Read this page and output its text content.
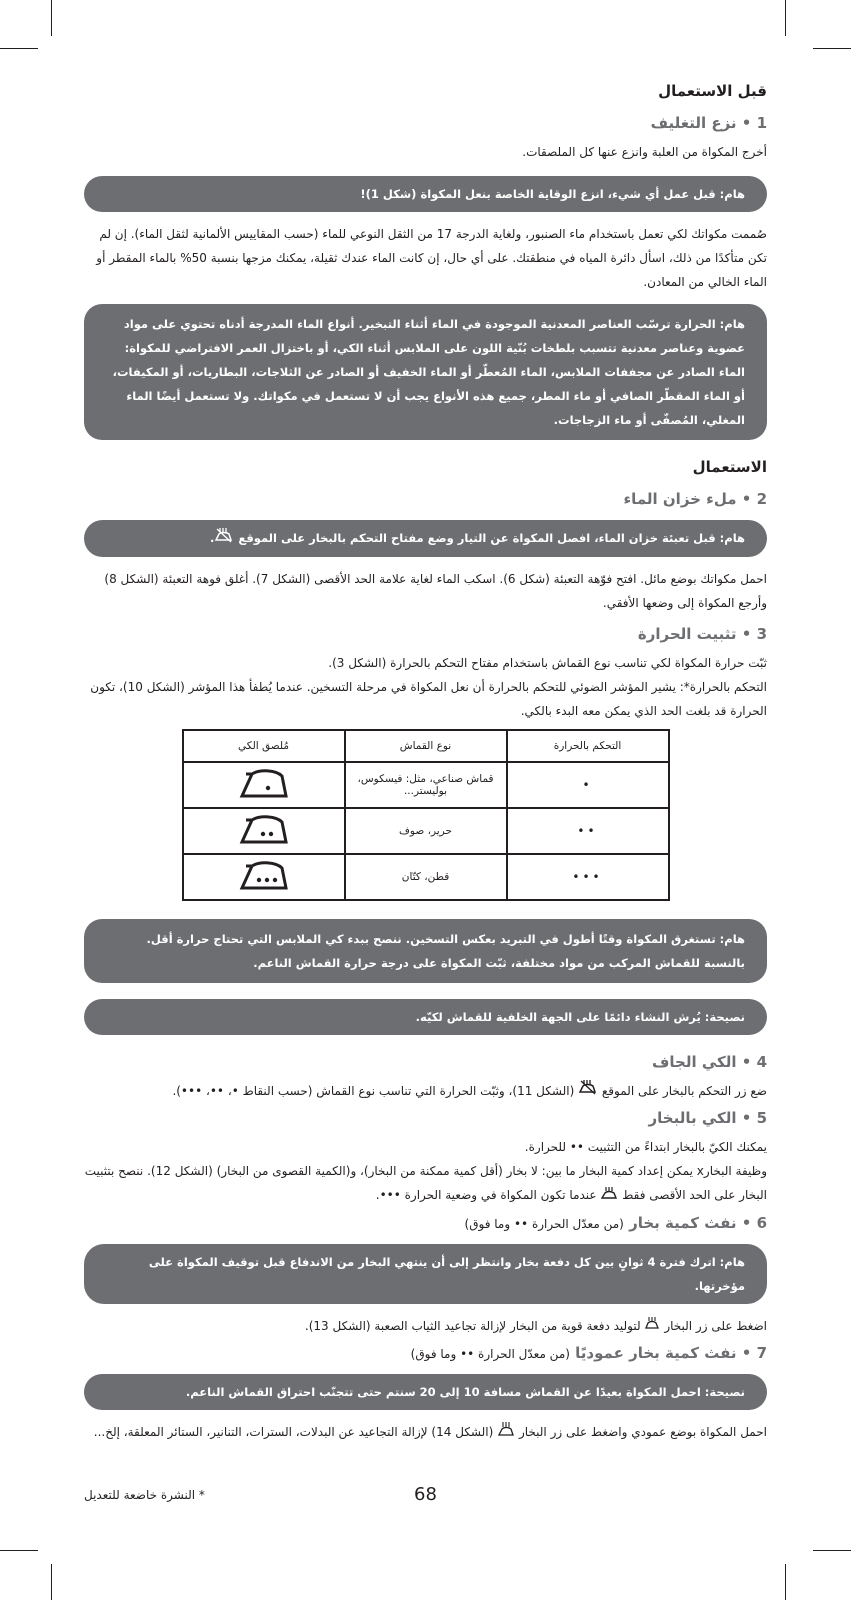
قبل الاستعمال
1 • نزع التغليف

أخرج المكواة من العلبة وانزع عنها كل الملصقات.

هام: قبل عمل أي شيء، انزع الوقاية الخاصة بنعل المكواة (شكل 1)!

صُممت مكواتك لكي تعمل باستخدام ماء الصنبور، ولغاية الدرجة 17 من الثقل النوعي للماء (حسب المقاييس الألمانية لثقل الماء). إن لم تكن متأكدًا من ذلك، اسأل دائرة المياه في منطقتك. على أي حال، إن كانت الماء عندك ثقيلة، يمكنك مزجها بنسبة 50% بالماء المقطر أو الماء الخالي من المعادن.

هام: الحرارة ترسّب العناصر المعدنية الموجودة في الماء أثناء التبخير. أنواع الماء المدرجة أدناه تحتوي على مواد عضوية وعناصر معدنية تتسبب بلطخات بُنّية اللون على الملابس أثناء الكي، أو باختزال العمر الافتراضي للمكواة: الماء الصادر عن مجففات الملابس، الماء المُعطّر أو الماء الخفيف أو الصادر عن الثلاجات، البطاريات، أو المكيفات، أو الماء المقطّر الصافي أو ماء المطر، جميع هذه الأنواع يجب أن لا تستعمل في مكواتك. ولا تستعمل أيضًا الماء المغلي، المُصفّى أو ماء الزجاجات.
الاستعمال
2 • ملء خزان الماء
هام: قبل تعبئة خزان الماء، افصل المكواة عن التيار وضع مفتاح التحكم بالبخار على الموقع .

احمل مكواتك بوضع مائل. افتح فوّهة التعبئة (شكل 6). اسكب الماء لغاية علامة الحد الأقصى (الشكل 7). أغلق فوهة التعبئة (الشكل 8) وأرجع المكواة إلى وضعها الأفقي.

3 • تثبيت الحرارة

ثبّت حرارة المكواة لكي تناسب نوع القماش باستخدام مفتاح التحكم بالحرارة (الشكل 3).

التحكم بالحرارة*: يشير المؤشر الضوئي للتحكم بالحرارة أن نعل المكواة في مرحلة التسخين. عندما يُطفأ هذا المؤشر (الشكل 10)، تكون الحرارة قد بلغت الحد الذي يمكن معه البدء بالكي.

التحكم بالحرارة	نوع القماش	مُلصق الكي
•	قماش صناعي، مثل: فيسكوس، بوليستر...	
••	حرير، صوف	
•••	قطن، كتّان	
هام: تستغرق المكواة وقتًا أطول في التبريد بعكس التسخين. ننصح ببدء كي الملابس التي تحتاج حرارة أقل. بالنسبة للقماش المركب من مواد مختلفة، ثبّت المكواة على درجة حرارة القماش الناعم.
نصيحة: يُرش النشاء دائمًا على الجهة الخلفية للقماش لكيّه.
4 • الكي الجاف

ضع زر التحكم بالبخار على الموقع  (الشكل 11)، وثبّت الحرارة التي تناسب نوع القماش (حسب النقاط •، ••، •••).

5 • الكي بالبخار

يمكنك الكيّ بالبخار ابتداءً من التثبيت •• للحرارة.

وظيفة البخارx يمكن إعداد كمية البخار ما بين: لا بخار (أقل كمية ممكنة من البخار)، و(الكمية القصوى من البخار) (الشكل 12). ننصح بتثبيت البخار على الحد الأقصى فقط  عندما تكون المكواة في وضعية الحرارة •••.

6 • نفث كمية بخار (من معدّل الحرارة •• وما فوق)
هام: اترك فترة 4 ثوانٍ بين كل دفعة بخار وانتظر إلى أن ينتهي البخار من الاندفاع قبل توقيف المكواة على مؤخرتها.

اضغط على زر البخار  لتوليد دفعة قوية من البخار لإزالة تجاعيد الثياب الصعبة (الشكل 13).

7 • نفث كمية بخار عموديًا (من معدّل الحرارة •• وما فوق)
نصيحة: احمل المكواة بعيدًا عن القماش مسافة 10 إلى 20 سنتم حتى تتجنّب احتراق القماش الناعم.

احمل المكواة بوضع عمودي واضغط على زر البخار  (الشكل 14) لإزالة التجاعيد عن البدلات، السترات، التنانير، الستائر المعلقة، إلخ...

68
* النشرة خاضعة للتعديل
